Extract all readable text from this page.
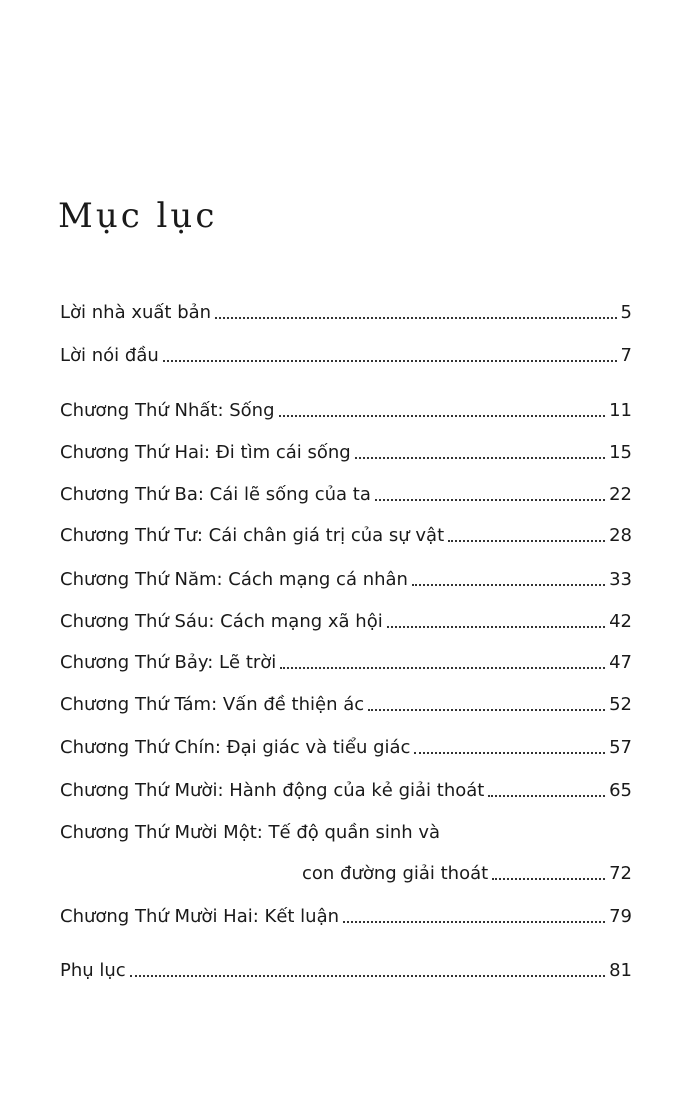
Mục lục
Lời nhà xuất bản	5
Lời nói đầu	7
Chương Thứ Nhất: Sống	11
Chương Thứ Hai: Đi tìm cái sống	15
Chương Thứ Ba: Cái lẽ sống của ta	22
Chương Thứ Tư: Cái chân giá trị của sự vật	28
Chương Thứ Năm: Cách mạng cá nhân	33
Chương Thứ Sáu: Cách mạng xã hội	42
Chương Thứ Bảy: Lẽ trời	47
Chương Thứ Tám: Vấn đề thiện ác	52
Chương Thứ Chín: Đại giác và tiểu giác	57
Chương Thứ Mười: Hành động của kẻ giải thoát	65
Chương Thứ Mười Một: Tế độ quần sinh và
con đường giải thoát	72
Chương Thứ Mười Hai: Kết luận	79
Phụ lục	81
